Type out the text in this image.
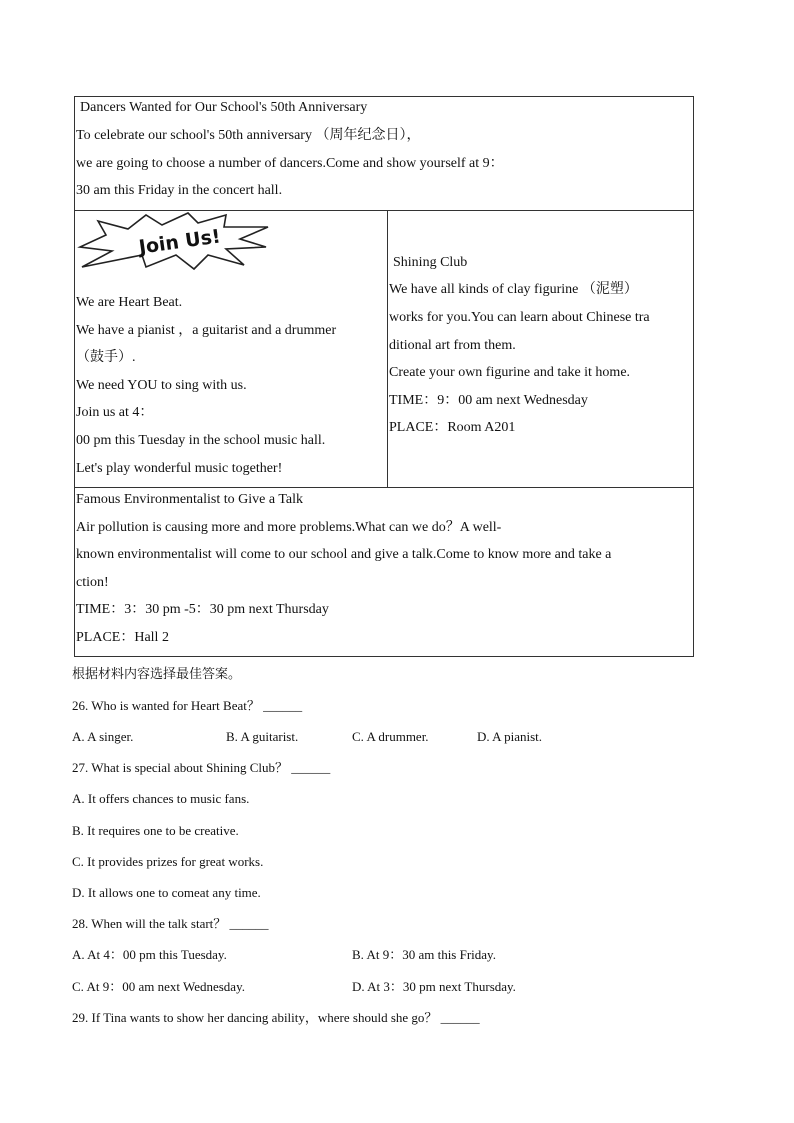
Dancers Wanted for Our School's 50th Anniversary
To celebrate our school's 50th anniversary （周年纪念日），
we are going to choose a number of dancers.Come and show yourself at 9：
30 am this Friday in the concert hall.
Join Us!
We are Heart Beat.
We have a pianist ，a guitarist and a drummer
（鼓手）.
We need YOU to sing with us.
Join us at 4：
00 pm this Tuesday in the school music hall.
Let's play wonderful music together!
Shining Club
We have all kinds of clay figurine （泥塑）
works for you.You can learn about Chinese tra
ditional art from them.
Create your own figurine and take it home.
TIME：9：00 am next Wednesday
PLACE：Room A201
Famous Environmentalist to Give a Talk
Air pollution is causing more and more problems.What can we do？A well-
known environmentalist will come to our school and give a talk.Come to know more and take a
ction!
TIME：3：30 pm -5：30 pm next Thursday
PLACE：Hall 2
根据材料内容选择最佳答案。
26. Who is wanted for Heart Beat？ ______
A. A singer.	B. A guitarist.	C. A drummer.	D. A pianist.
27. What is special about Shining Club？ ______
A. It offers chances to music fans.
B. It requires one to be creative.
C. It provides prizes for great works.
D. It allows one to comeat any time.
28. When will the talk start？ ______
A. At 4：00 pm this Tuesday.	B. At 9：30 am this Friday.
C. At 9：00 am next Wednesday.	D. At 3：30 pm next Thursday.
29. If Tina wants to show her dancing ability，where should she go？ ______
